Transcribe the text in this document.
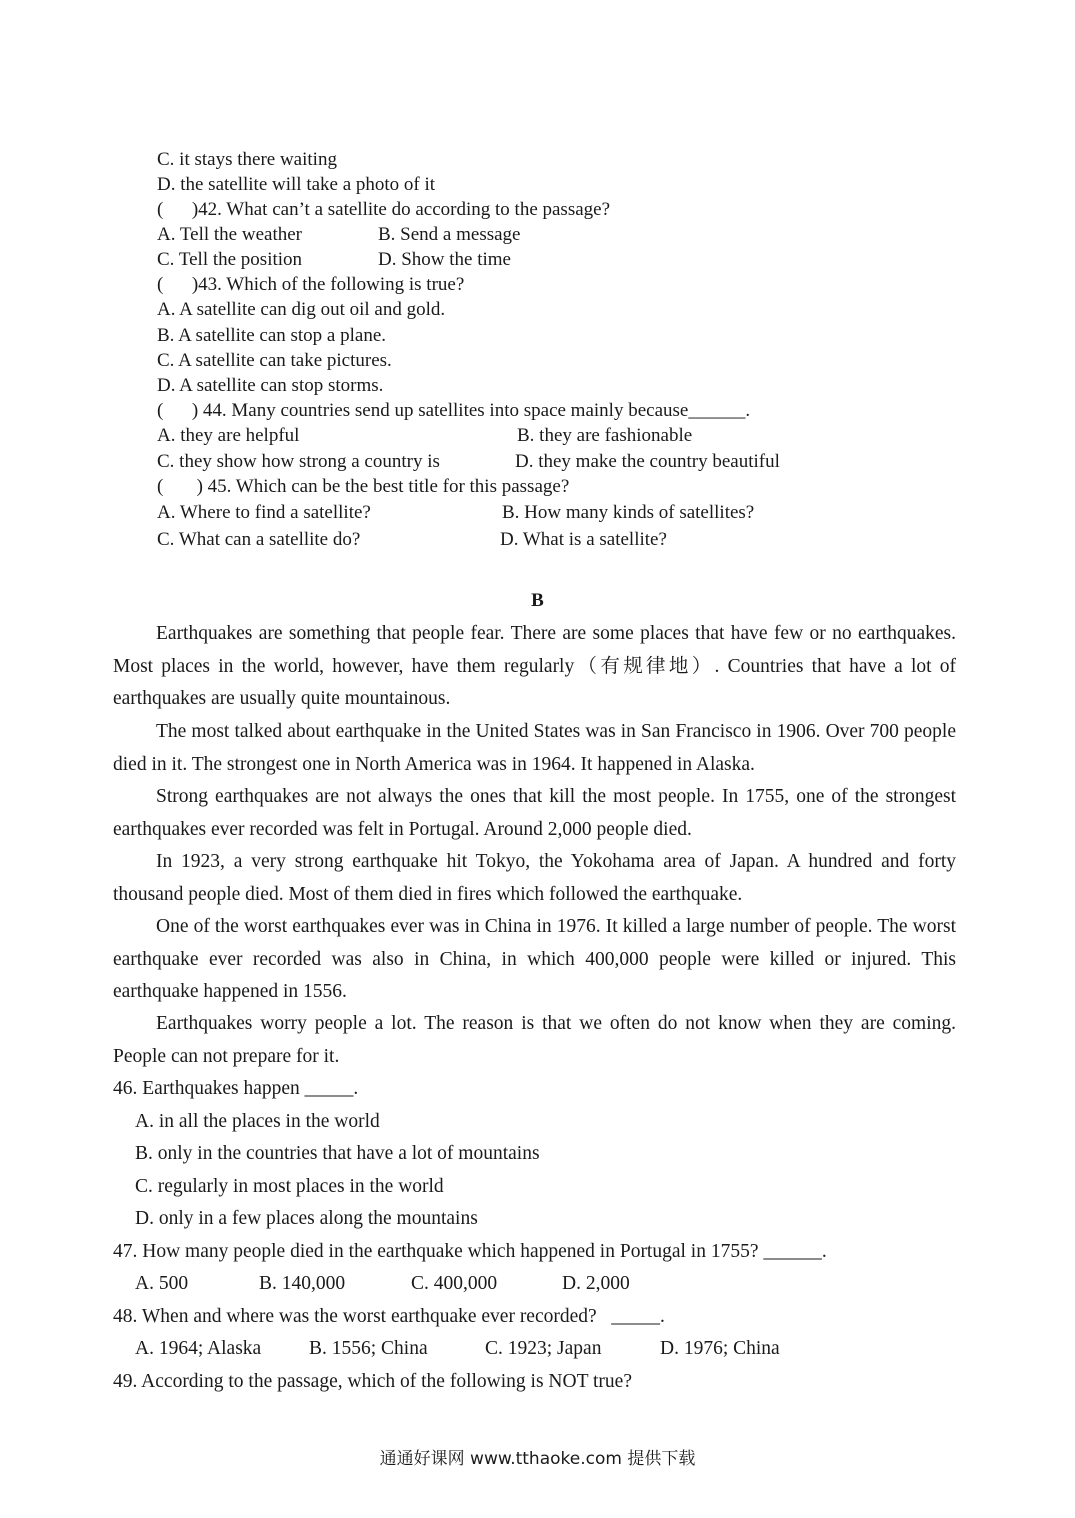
C. it stays there waiting
D. the satellite will take a photo of it
(      )42. What can’t a satellite do according to the passage?
A. Tell the weather	B. Send a message
C. Tell the position	D. Show the time
(      )43. Which of the following is true?
A. A satellite can dig out oil and gold.
B. A satellite can stop a plane.
C. A satellite can take pictures.
D. A satellite can stop storms.
(      ) 44. Many countries send up satellites into space mainly because______.
A. they are helpful	B. they are fashionable
C. they show how strong a country is	D. they make the country beautiful
(       ) 45. Which can be the best title for this passage?
A. Where to find a satellite?	B. How many kinds of satellites?
C. What can a satellite do?	D. What is a satellite?
B
Earthquakes are something that people fear. There are some places that have few or no earthquakes. Most places in the world, however, have them regularly（有规律地）. Countries that have a lot of earthquakes are usually quite mountainous.
The most talked about earthquake in the United States was in San Francisco in 1906. Over 700 people died in it. The strongest one in North America was in 1964. It happened in Alaska.
Strong earthquakes are not always the ones that kill the most people. In 1755, one of the strongest earthquakes ever recorded was felt in Portugal. Around 2,000 people died.
In 1923, a very strong earthquake hit Tokyo, the Yokohama area of Japan. A hundred and forty thousand people died. Most of them died in fires which followed the earthquake.
One of the worst earthquakes ever was in China in 1976. It killed a large number of people. The worst earthquake ever recorded was also in China, in which 400,000 people were killed or injured. This earthquake happened in 1556.
Earthquakes worry people a lot. The reason is that we often do not know when they are coming. People can not prepare for it.
46. Earthquakes happen _____.
A. in all the places in the world
B. only in the countries that have a lot of mountains
C. regularly in most places in the world
D. only in a few places along the mountains
47. How many people died in the earthquake which happened in Portugal in 1755? ______.
A. 500	B. 140,000	C. 400,000	D. 2,000
48. When and where was the worst earthquake ever recorded?   _____.
A. 1964; Alaska B. 1556; China	C. 1923; Japan	D. 1976; China
49. According to the passage, which of the following is NOT true?
通通好课网 www.tthaoke.com 提供下载
